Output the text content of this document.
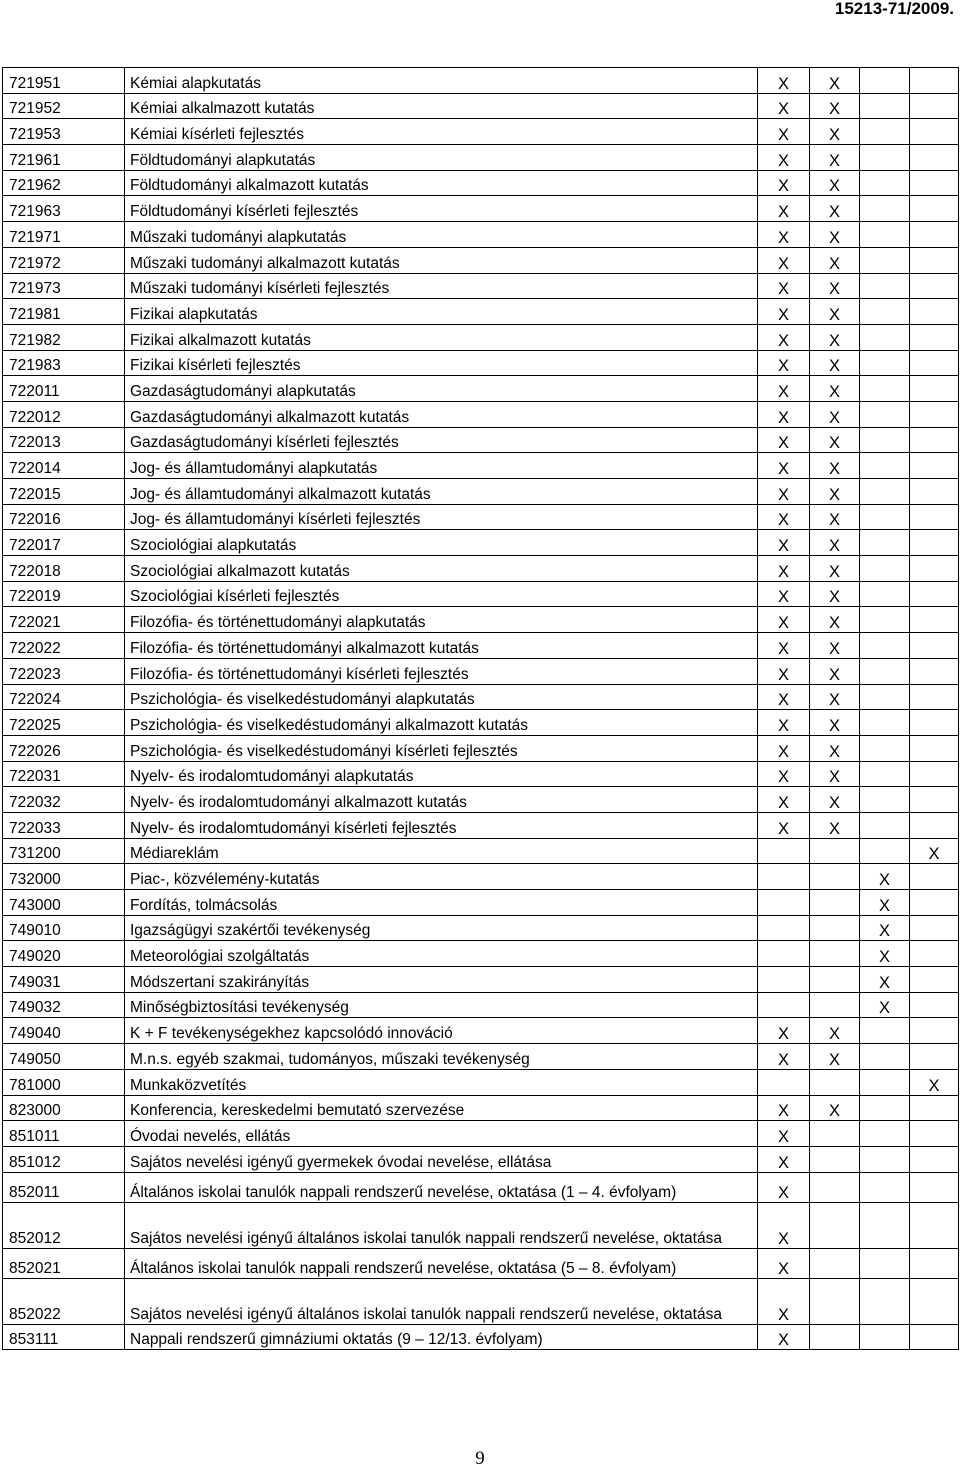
15213-71/2009.
721951	Kémiai alapkutatás	X	X		
721952	Kémiai alkalmazott kutatás	X	X		
721953	Kémiai kísérleti fejlesztés	X	X		
721961	Földtudományi alapkutatás	X	X		
721962	Földtudományi alkalmazott kutatás	X	X		
721963	Földtudományi kísérleti fejlesztés	X	X		
721971	Műszaki tudományi alapkutatás	X	X		
721972	Műszaki tudományi alkalmazott kutatás	X	X		
721973	Műszaki tudományi kísérleti fejlesztés	X	X		
721981	Fizikai alapkutatás	X	X		
721982	Fizikai alkalmazott kutatás	X	X		
721983	Fizikai kísérleti fejlesztés	X	X		
722011	Gazdaságtudományi alapkutatás	X	X		
722012	Gazdaságtudományi alkalmazott kutatás	X	X		
722013	Gazdaságtudományi kísérleti fejlesztés	X	X		
722014	Jog- és államtudományi alapkutatás	X	X		
722015	Jog- és államtudományi alkalmazott kutatás	X	X		
722016	Jog- és államtudományi kísérleti fejlesztés	X	X		
722017	Szociológiai alapkutatás	X	X		
722018	Szociológiai alkalmazott kutatás	X	X		
722019	Szociológiai kísérleti fejlesztés	X	X		
722021	Filozófia- és történettudományi alapkutatás	X	X		
722022	Filozófia- és történettudományi alkalmazott kutatás	X	X		
722023	Filozófia- és történettudományi kísérleti fejlesztés	X	X		
722024	Pszichológia- és viselkedéstudományi alapkutatás	X	X		
722025	Pszichológia- és viselkedéstudományi alkalmazott kutatás	X	X		
722026	Pszichológia- és viselkedéstudományi kísérleti fejlesztés	X	X		
722031	Nyelv- és irodalomtudományi alapkutatás	X	X		
722032	Nyelv- és irodalomtudományi alkalmazott kutatás	X	X		
722033	Nyelv- és irodalomtudományi kísérleti fejlesztés	X	X		
731200	Médiareklám				X
732000	Piac-, közvélemény-kutatás			X	
743000	Fordítás, tolmácsolás			X	
749010	Igazságügyi szakértői tevékenység			X	
749020	Meteorológiai szolgáltatás			X	
749031	Módszertani szakirányítás			X	
749032	Minőségbiztosítási tevékenység			X	
749040	K + F tevékenységekhez kapcsolódó innováció	X	X		
749050	M.n.s. egyéb szakmai, tudományos, műszaki tevékenység	X	X		
781000	Munkaközvetítés				X
823000	Konferencia, kereskedelmi bemutató szervezése	X	X		
851011	Óvodai nevelés, ellátás	X			
851012	Sajátos nevelési igényű gyermekek óvodai nevelése, ellátása	X			
852011	Általános iskolai tanulók nappali rendszerű nevelése, oktatása (1 – 4. évfolyam)	X			
852012	Sajátos nevelési igényű általános iskolai tanulók nappali rendszerű nevelése, oktatása	X			
852021	Általános iskolai tanulók nappali rendszerű nevelése, oktatása (5 – 8. évfolyam)	X			
852022	Sajátos nevelési igényű általános iskolai tanulók nappali rendszerű nevelése, oktatása	X			
853111	Nappali rendszerű gimnáziumi oktatás (9 – 12/13. évfolyam)	X			
9
